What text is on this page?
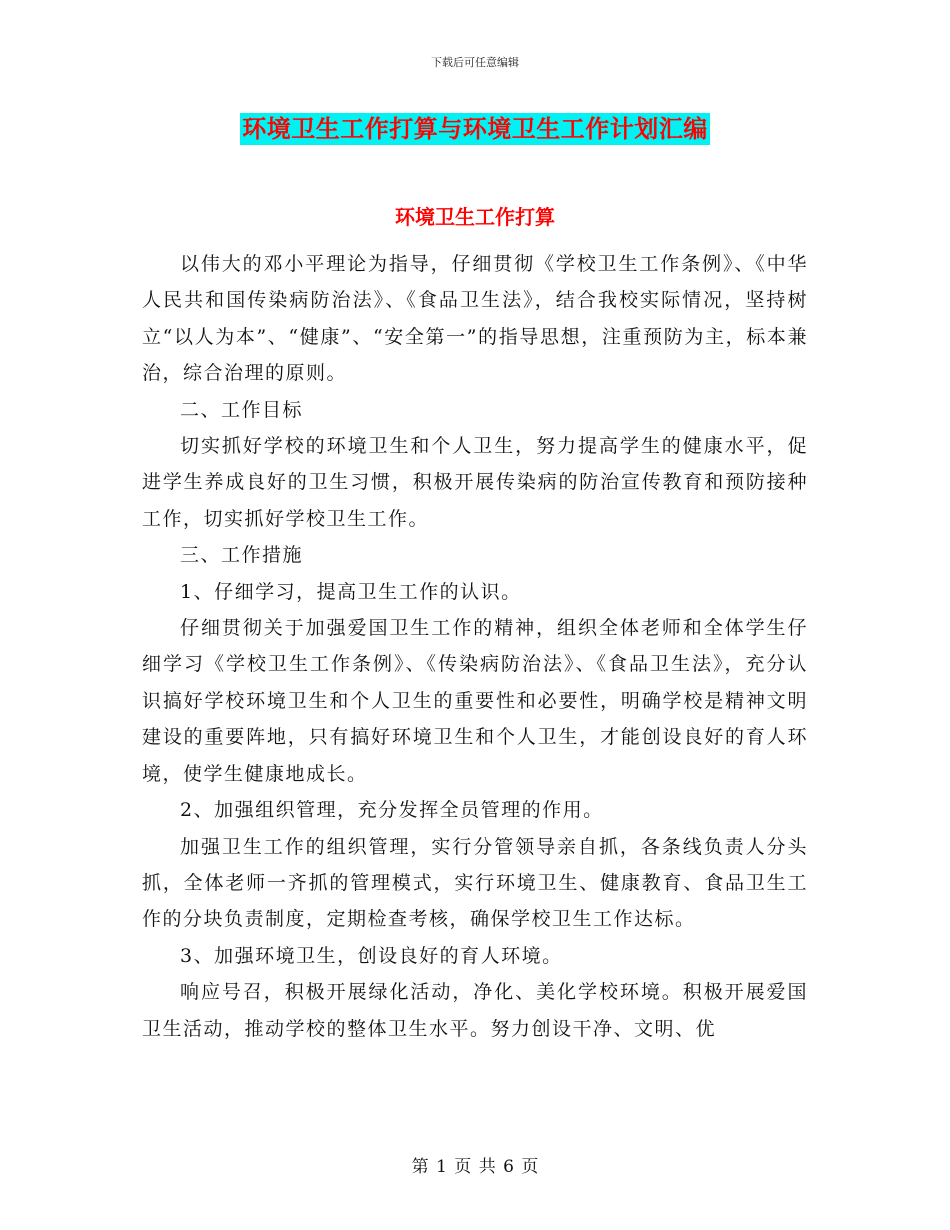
下载后可任意编辑
环境卫生工作打算与环境卫生工作计划汇编
环境卫生工作打算

以伟大的邓小平理论为指导，仔细贯彻《学校卫生工作条例》、《中华人民共和国传染病防治法》、《食品卫生法》，结合我校实际情况，坚持树立“以人为本”、“健康”、“安全第一”的指导思想，注重预防为主，标本兼治，综合治理的原则。

二、工作目标

切实抓好学校的环境卫生和个人卫生，努力提高学生的健康水平，促进学生养成良好的卫生习惯，积极开展传染病的防治宣传教育和预防接种工作，切实抓好学校卫生工作。

三、工作措施

1、仔细学习，提高卫生工作的认识。

仔细贯彻关于加强爱国卫生工作的精神，组织全体老师和全体学生仔细学习《学校卫生工作条例》、《传染病防治法》、《食品卫生法》，充分认识搞好学校环境卫生和个人卫生的重要性和必要性，明确学校是精神文明建设的重要阵地，只有搞好环境卫生和个人卫生，才能创设良好的育人环境，使学生健康地成长。

2、加强组织管理，充分发挥全员管理的作用。

加强卫生工作的组织管理，实行分管领导亲自抓，各条线负责人分头抓，全体老师一齐抓的管理模式，实行环境卫生、健康教育、食品卫生工作的分块负责制度，定期检查考核，确保学校卫生工作达标。

3、加强环境卫生，创设良好的育人环境。

响应号召，积极开展绿化活动，净化、美化学校环境。积极开展爱国卫生活动，推动学校的整体卫生水平。努力创设干净、文明、优

第 1 页 共 6 页
